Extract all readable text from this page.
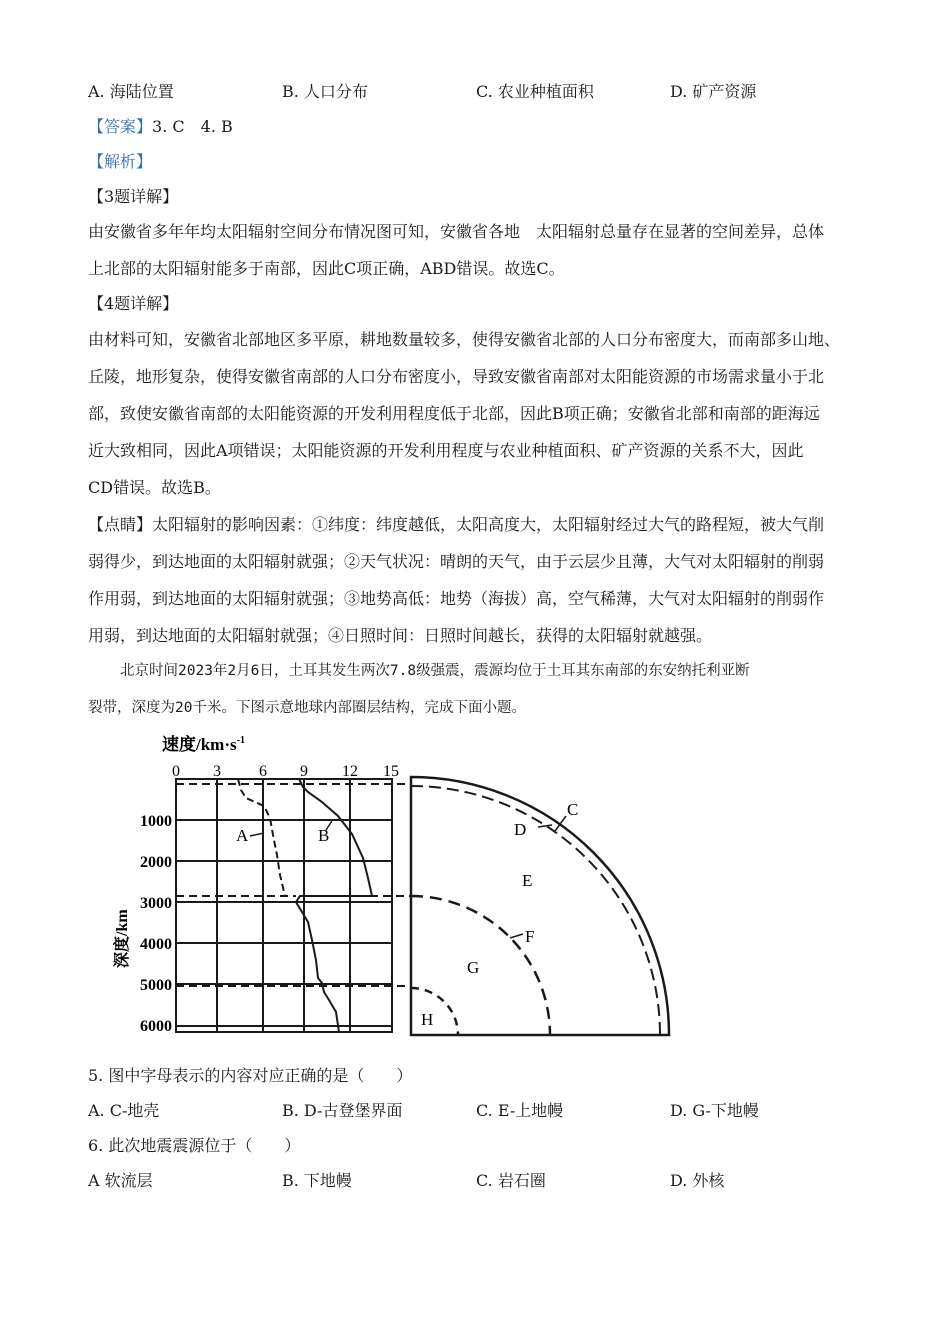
A. 海陆位置	B. 人口分布	C. 农业种植面积	D. 矿产资源
【答案】3. C　4. B
【解析】
【3题详解】
由安徽省多年年均太阳辐射空间分布情况图可知，安徽省各地　太阳辐射总量存在显著的空间差异，总体
上北部的太阳辐射能多于南部，因此C项正确，ABD错误。故选C。
【4题详解】
由材料可知，安徽省北部地区多平原，耕地数量较多，使得安徽省北部的人口分布密度大，而南部多山地、
丘陵，地形复杂，使得安徽省南部的人口分布密度小，导致安徽省南部对太阳能资源的市场需求量小于北
部，致使安徽省南部的太阳能资源的开发利用程度低于北部，因此B项正确；安徽省北部和南部的距海远
近大致相同，因此A项错误；太阳能资源的开发利用程度与农业种植面积、矿产资源的关系不大，因此
CD错误。故选B。
【点睛】太阳辐射的影响因素：①纬度：纬度越低，太阳高度大，太阳辐射经过大气的路程短，被大气削
弱得少，到达地面的太阳辐射就强；②天气状况：晴朗的天气，由于云层少且薄，大气对太阳辐射的削弱
作用弱，到达地面的太阳辐射就强；③地势高低：地势（海拔）高，空气稀薄，大气对太阳辐射的削弱作
用弱，到达地面的太阳辐射就强；④日照时间：日照时间越长，获得的太阳辐射就越强。
北京时间2023年2月6日，土耳其发生两次7.8级强震，震源均位于土耳其东南部的东安纳托利亚断
裂带，深度为20千米。下图示意地球内部圈层结构，完成下面小题。
速度$/km\cdot s^{-1}$
0 3 6 9 12 15
1000
2000
3000
4000
5000
6000
深度/km
A	B
C
D
E
F
G
H
5. 图中字母表示的内容对应正确的是（　　）
A. C-地壳	B. D-古登堡界面	C. E-上地幔	D. G-下地幔
6. 此次地震震源位于（　　）
A 软流层	B. 下地幔	C. 岩石圈	D. 外核
